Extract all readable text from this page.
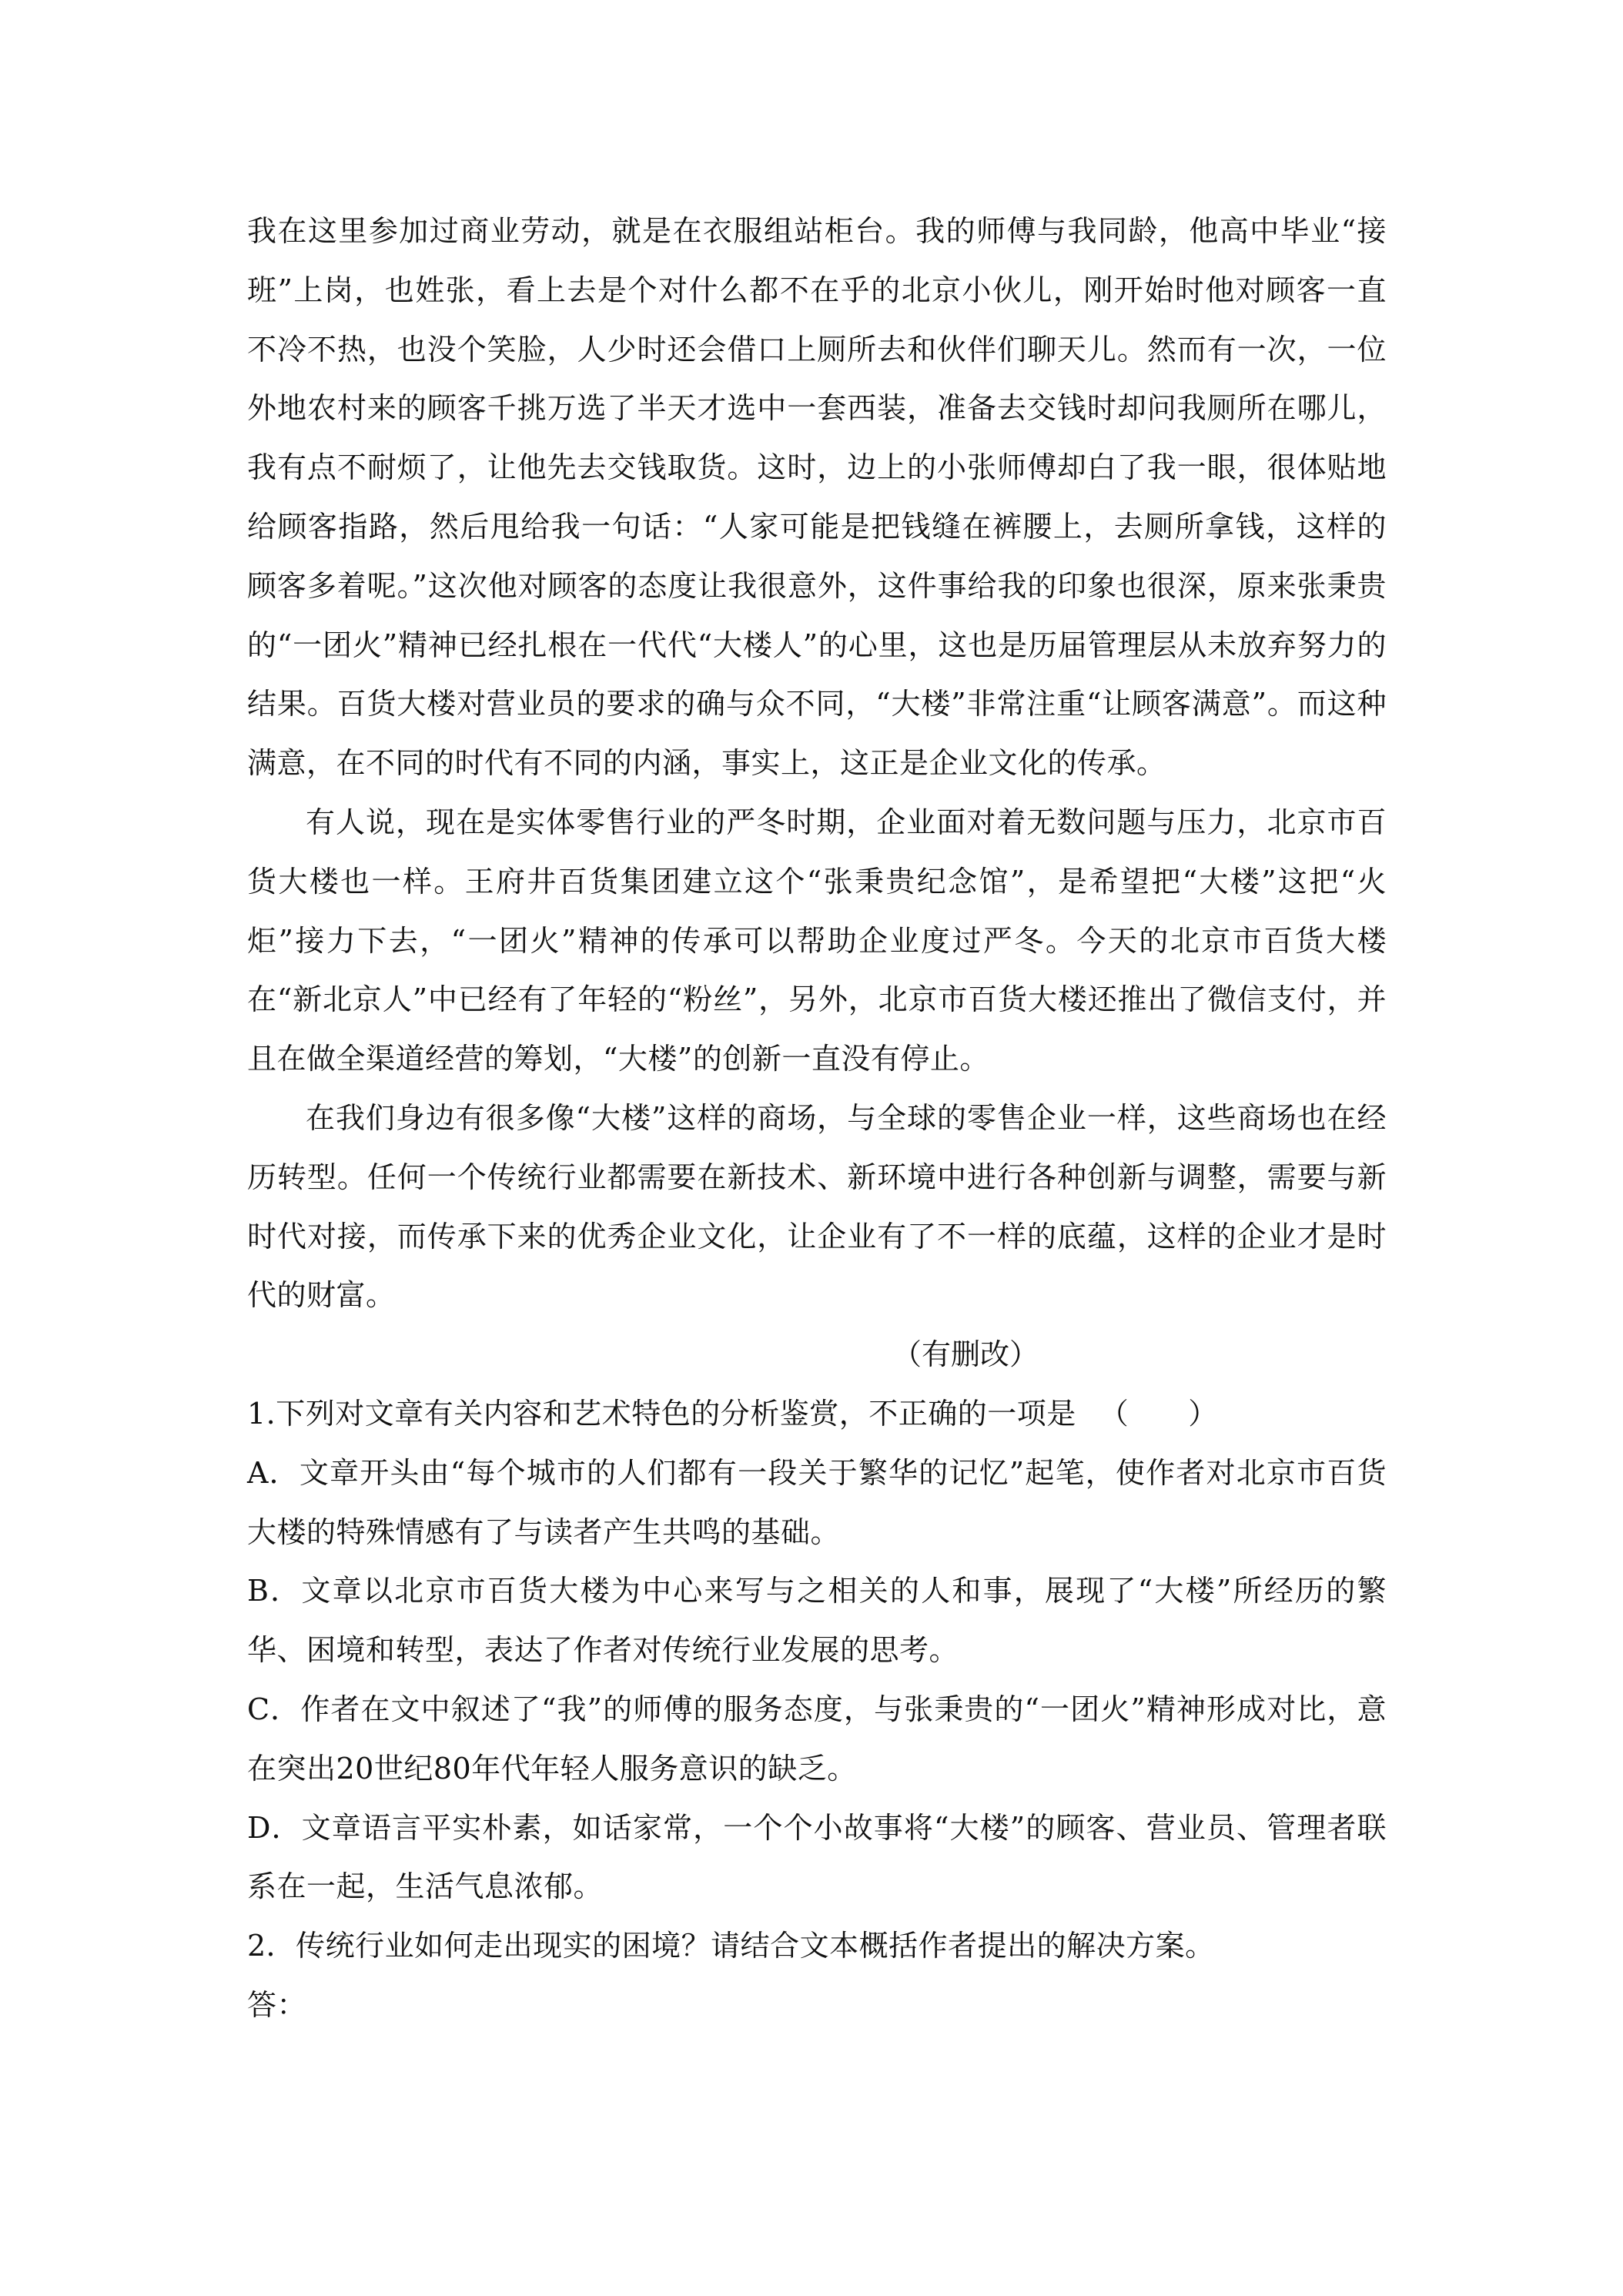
我在这里参加过商业劳动，就是在衣服组站柜台。我的师傅与我同龄，他高中毕业“接班”上岗，也姓张，看上去是个对什么都不在乎的北京小伙儿，刚开始时他对顾客一直不冷不热，也没个笑脸，人少时还会借口上厕所去和伙伴们聊天儿。然而有一次，一位外地农村来的顾客千挑万选了半天才选中一套西装，准备去交钱时却问我厕所在哪儿，我有点不耐烦了，让他先去交钱取货。这时，边上的小张师傅却白了我一眼，很体贴地给顾客指路，然后甩给我一句话：“人家可能是把钱缝在裤腰上，去厕所拿钱，这样的顾客多着呢。”这次他对顾客的态度让我很意外，这件事给我的印象也很深，原来张秉贵的“一团火”精神已经扎根在一代代“大楼人”的心里，这也是历届管理层从未放弃努力的结果。百货大楼对营业员的要求的确与众不同，“大楼”非常注重“让顾客满意”。而这种满意，在不同的时代有不同的内涵，事实上，这正是企业文化的传承。

有人说，现在是实体零售行业的严冬时期，企业面对着无数问题与压力，北京市百货大楼也一样。王府井百货集团建立这个“张秉贵纪念馆”，是希望把“大楼”这把“火炬”接力下去，“一团火”精神的传承可以帮助企业度过严冬。今天的北京市百货大楼在“新北京人”中已经有了年轻的“粉丝”，另外，北京市百货大楼还推出了微信支付，并且在做全渠道经营的筹划，“大楼”的创新一直没有停止。

在我们身边有很多像“大楼”这样的商场，与全球的零售企业一样，这些商场也在经历转型。任何一个传统行业都需要在新技术、新环境中进行各种创新与调整，需要与新时代对接，而传承下来的优秀企业文化，让企业有了不一样的底蕴，这样的企业才是时代的财富。

（有删改）

1.下列对文章有关内容和艺术特色的分析鉴赏，不正确的一项是 （　　）

A．文章开头由“每个城市的人们都有一段关于繁华的记忆”起笔，使作者对北京市百货大楼的特殊情感有了与读者产生共鸣的基础。

B．文章以北京市百货大楼为中心来写与之相关的人和事，展现了“大楼”所经历的繁华、困境和转型，表达了作者对传统行业发展的思考。

C．作者在文中叙述了“我”的师傅的服务态度，与张秉贵的“一团火”精神形成对比，意在突出20世纪80年代年轻人服务意识的缺乏。

D．文章语言平实朴素，如话家常，一个个小故事将“大楼”的顾客、营业员、管理者联系在一起，生活气息浓郁。

2．传统行业如何走出现实的困境？请结合文本概括作者提出的解决方案。

答：
